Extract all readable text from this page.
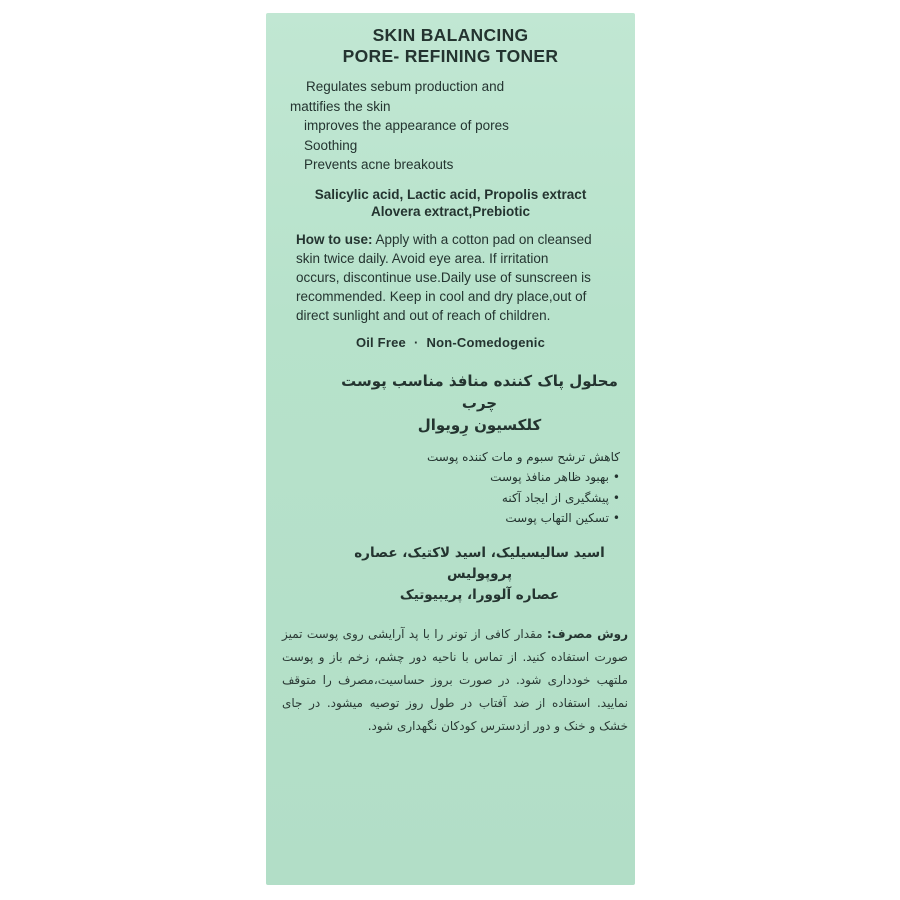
SKIN BALANCING
PORE- REFINING TONER
Regulates sebum production and
mattifies the skin
improves the appearance of pores
Soothing
Prevents acne breakouts
Salicylic acid, Lactic acid, Propolis extract
Alovera extract,Prebiotic

How to use: Apply with a cotton pad on cleansed skin twice daily. Avoid eye area. If irritation occurs, discontinue use.Daily use of sunscreen is recommended. Keep in cool and dry place,out of direct sunlight and out of reach of children.

Oil Free · Non-Comedogenic
محلول پاک کننده منافذ مناسب پوست چرب
کلکسیون رِویوال
کاهش ترشح سبوم و مات کننده پوست
•بهبود ظاهر منافذ پوست
•پیشگیری از ایجاد آکنه
•تسکین التهاب پوست
اسید سالیسیلیک، اسید لاکتیک، عصاره پروپولیس
عصاره آلوورا، پریبیوتیک

روش مصرف: مقدار کافی از تونر را با پد آرایشی روی پوست تمیز صورت استفاده کنید. از تماس با ناحیه دور چشم، زخم باز و پوست ملتهب خودداری شود. در صورت بروز حساسیت،مصرف را متوقف نمایید. استفاده از ضد آفتاب در طول روز توصیه میشود. در جای خشک و خنک و دور ازدسترس کودکان نگهداری شود.
